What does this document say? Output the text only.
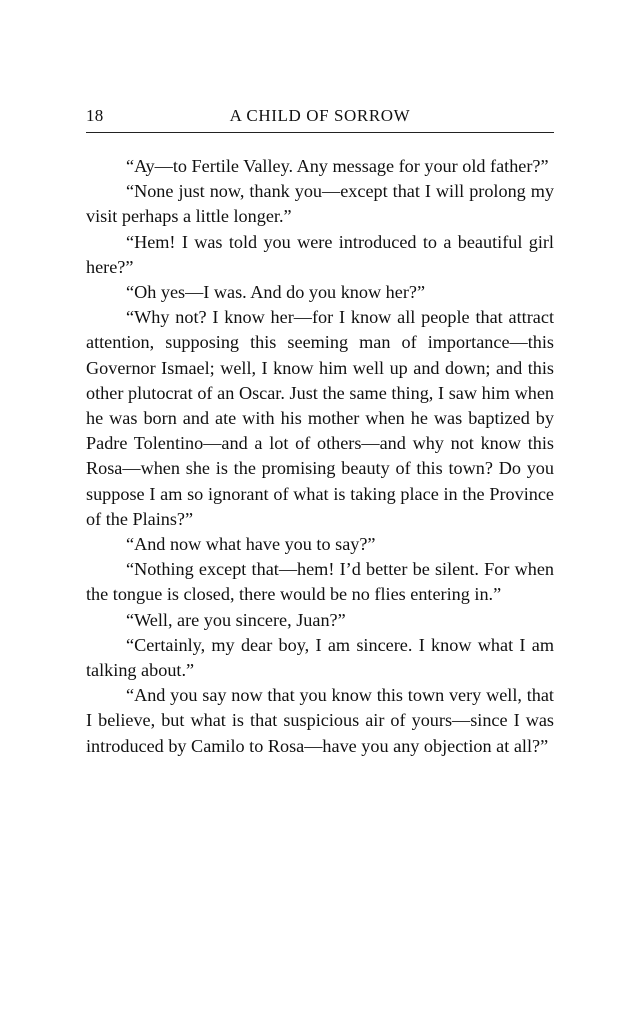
18	A CHILD OF SORROW

“Ay—to Fertile Valley. Any message for your old father?”

“None just now, thank you—except that I will prolong my visit perhaps a little longer.”

“Hem! I was told you were introduced to a beautiful girl here?”

“Oh yes—I was. And do you know her?”

“Why not? I know her—for I know all people that attract attention, supposing this seeming man of importance—this Governor Ismael; well, I know him well up and down; and this other plutocrat of an Oscar. Just the same thing, I saw him when he was born and ate with his mother when he was baptized by Padre Tolentino—and a lot of others—and why not know this Rosa—when she is the promising beauty of this town? Do you suppose I am so ignorant of what is taking place in the Province of the Plains?”

“And now what have you to say?”

“Nothing except that—hem! I’d better be silent. For when the tongue is closed, there would be no flies entering in.”

“Well, are you sincere, Juan?”

“Certainly, my dear boy, I am sincere. I know what I am talking about.”

“And you say now that you know this town very well, that I believe, but what is that suspicious air of yours—since I was introduced by Camilo to Rosa—have you any objection at all?”
